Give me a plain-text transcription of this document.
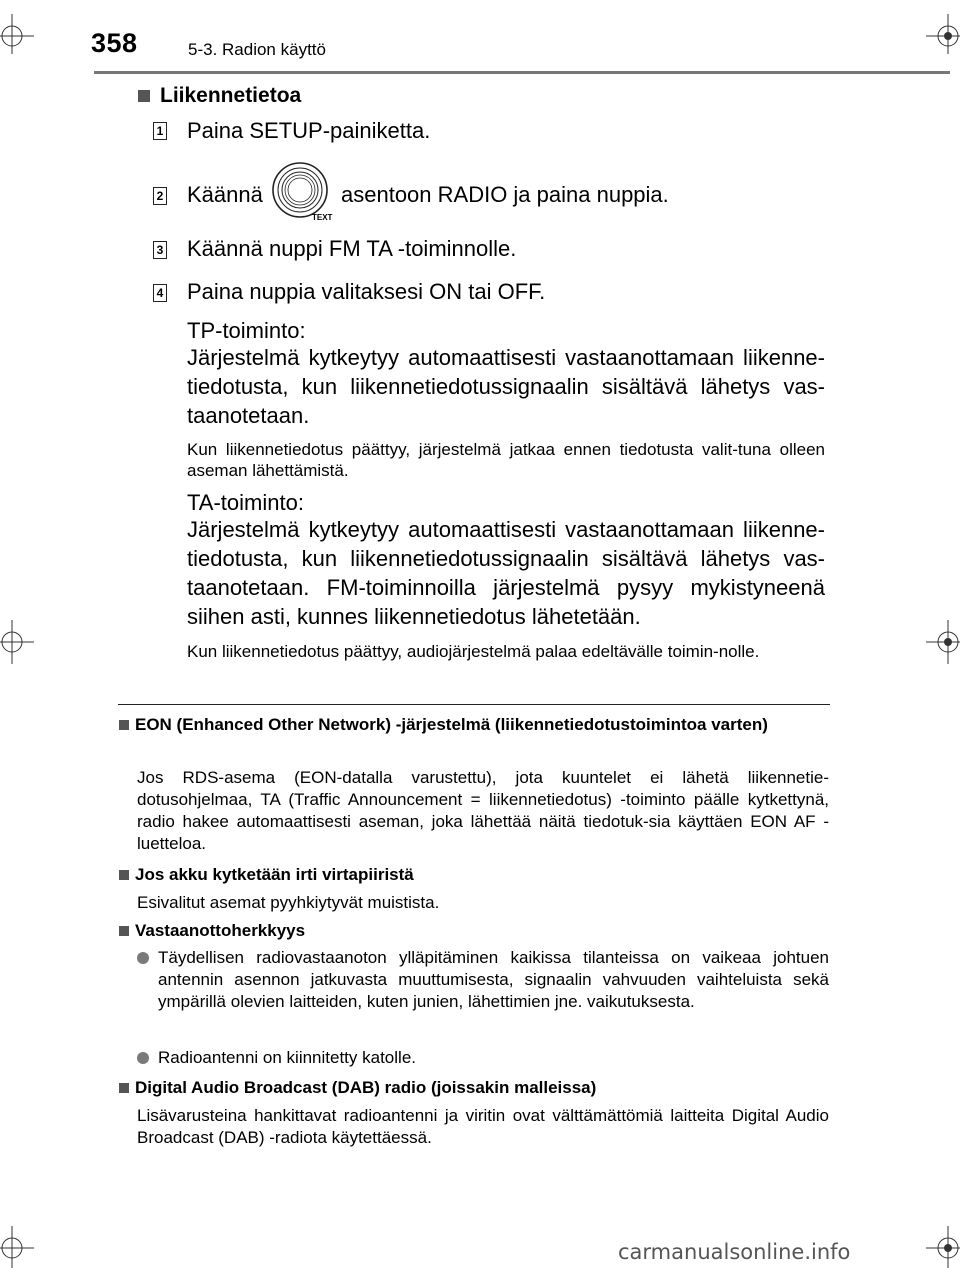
358	5-3. Radion käyttö
Liikennetietoa
1 Paina SETUP-painiketta.
2 Käännä
TEXT
asentoon RADIO ja paina nuppia.
3 Käännä nuppi FM TA -toiminnolle.
4 Paina nuppia valitaksesi ON tai OFF.
TP-toiminto:
Järjestelmä kytkeytyy automaattisesti vastaanottamaan liikenne-tiedotusta, kun liikennetiedotussignaalin sisältävä lähetys vas-taanotetaan.
Kun liikennetiedotus päättyy, järjestelmä jatkaa ennen tiedotusta valit-tuna olleen aseman lähettämistä.
TA-toiminto:
Järjestelmä kytkeytyy automaattisesti vastaanottamaan liikenne-tiedotusta, kun liikennetiedotussignaalin sisältävä lähetys vas-taanotetaan. FM-toiminnoilla järjestelmä pysyy mykistyneenä siihen asti, kunnes liikennetiedotus lähetetään.
Kun liikennetiedotus päättyy, audiojärjestelmä palaa edeltävälle toimin-nolle.
EON (Enhanced Other Network) -järjestelmä (liikennetiedotustoimintoa varten)
Jos RDS-asema (EON-datalla varustettu), jota kuuntelet ei lähetä liikennetie-dotusohjelmaa, TA (Traffic Announcement = liikennetiedotus) -toiminto päälle kytkettynä, radio hakee automaattisesti aseman, joka lähettää näitä tiedotuk-sia käyttäen EON AF -luetteloa.
Jos akku kytketään irti virtapiiristä
Esivalitut asemat pyyhkiytyvät muistista.
Vastaanottoherkkyys
Täydellisen radiovastaanoton ylläpitäminen kaikissa tilanteissa on vaikeaa johtuen antennin asennon jatkuvasta muuttumisesta, signaalin vahvuuden vaihteluista sekä ympärillä olevien laitteiden, kuten junien, lähettimien jne. vaikutuksesta.
Radioantenni on kiinnitetty katolle.
Digital Audio Broadcast (DAB) radio (joissakin malleissa)
Lisävarusteina hankittavat radioantenni ja viritin ovat välttämättömiä laitteita Digital Audio Broadcast (DAB) -radiota käytettäessä.
carmanualsonline.info
